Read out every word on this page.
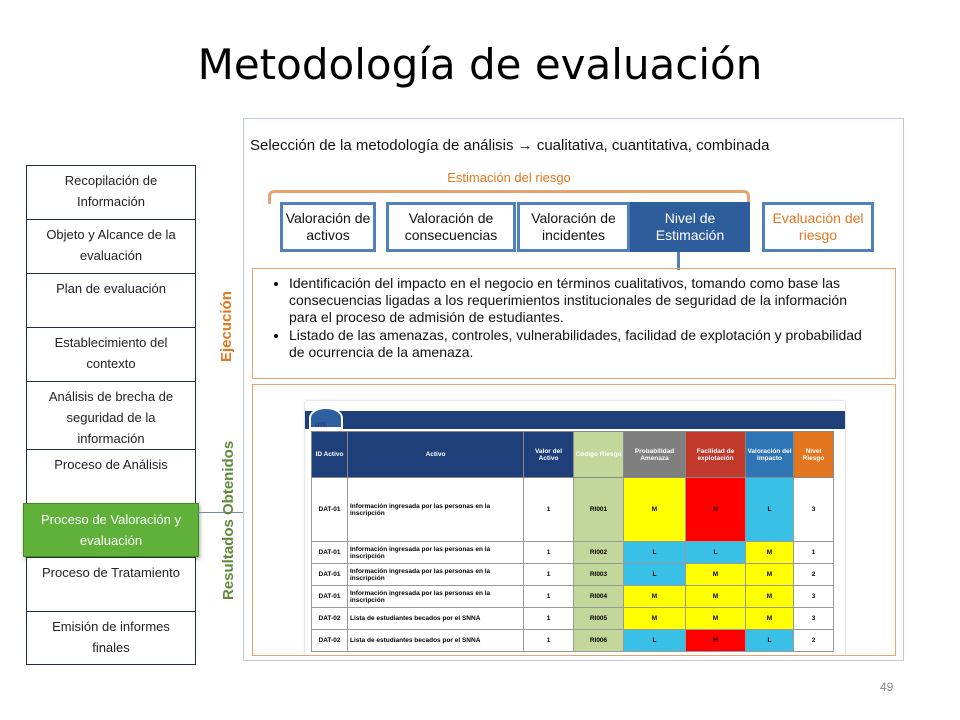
Metodología de evaluación
Recopilación de Información
Objeto y Alcance de la evaluación
Plan de evaluación
Establecimiento del contexto
Análisis de brecha de seguridad de la información
Proceso de Análisis
Proceso de Valoración y evaluación
Proceso de Tratamiento
Emisión de informes finales
Ejecución
Resultados Obtenidos
Selección de la metodología de análisis → cualitativa, cuantitativa, combinada
Estimación del riesgo
Valoración de activos
Valoración de consecuencias
Valoración de incidentes
Nivel de Estimación
Evaluación del riesgo
• Identificación del impacto en el negocio en términos cualitativos, tomando como base las consecuencias ligadas a los requerimientos institucionales de seguridad de la información para el proceso de admisión de estudiantes.
• Listado de las amenazas, controles, vulnerabilidades, facilidad de explotación y probabilidad de ocurrencia de la amenaza.
UTE
ID Activo	Activo	Valor del Activo	Código Riesgo	Probabilidad Amenaza	Facilidad de explotación	Valoración del impacto	Nivel Riesgo
DAT-01	Información ingresada por las personas en la inscripción	1	RI001	M	H	L	3
DAT-01	Información ingresada por las personas en la inscripción	1	RI002	L	L	M	1
DAT-01	Información ingresada por las personas en la inscripción	1	RI003	L	M	M	2
DAT-01	Información ingresada por las personas en la inscripción	1	RI004	M	M	M	3
DAT-02	Lista de estudiantes becados por el SNNA	1	RI005	M	M	M	3
DAT-02	Lista de estudiantes becados por el SNNA	1	RI006	L	H	L	2
49
